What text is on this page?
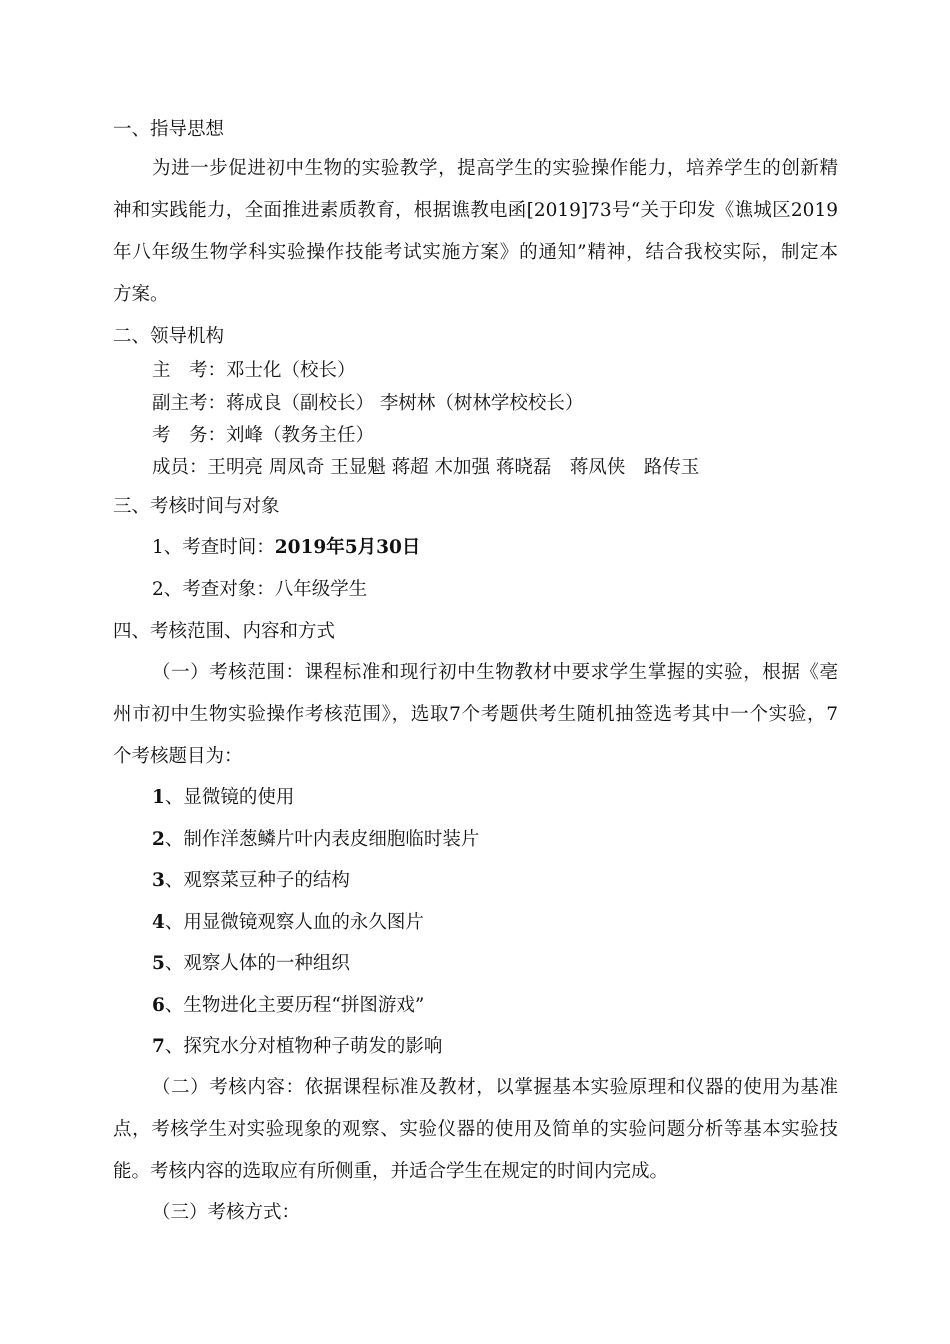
一、指导思想
为进一步促进初中生物的实验教学，提高学生的实验操作能力，培养学生的创新精
神和实践能力，全面推进素质教育，根据谯教电函[2019]73号“关于印发《谯城区2019
年八年级生物学科实验操作技能考试实施方案》的通知”精神，结合我校实际，制定本
方案。
二、领导机构
主　考：邓士化（校长）
副主考：蒋成良（副校长） 李树林（树林学校校长）
考　务：刘峰（教务主任）
成员：王明亮 周凤奇 王显魁 蒋超 木加强 蒋晓磊　蒋凤侠　路传玉
三、考核时间与对象
1、考查时间：2019年5月30日
2、考查对象：八年级学生
四、考核范围、内容和方式
（一）考核范围：课程标准和现行初中生物教材中要求学生掌握的实验，根据《亳
州市初中生物实验操作考核范围》，选取7个考题供考生随机抽签选考其中一个实验，7
个考核题目为：
1、显微镜的使用
2、制作洋葱鳞片叶内表皮细胞临时装片
3、观察菜豆种子的结构
4、用显微镜观察人血的永久图片
5、观察人体的一种组织
6、生物进化主要历程“拼图游戏”
7、探究水分对植物种子萌发的影响
（二）考核内容：依据课程标准及教材，以掌握基本实验原理和仪器的使用为基准
点，考核学生对实验现象的观察、实验仪器的使用及简单的实验问题分析等基本实验技
能。考核内容的选取应有所侧重，并适合学生在规定的时间内完成。
（三）考核方式：
